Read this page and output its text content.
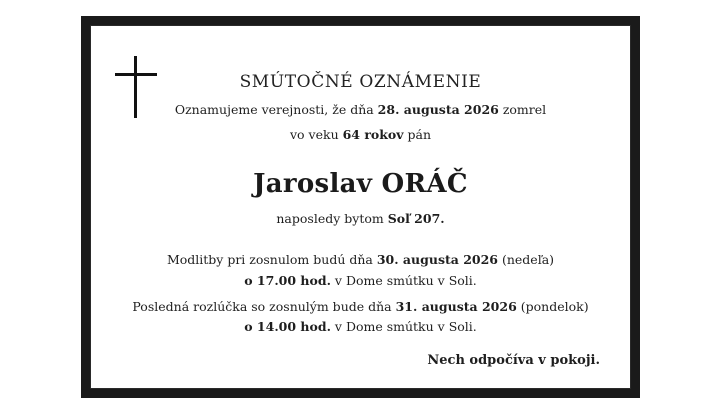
SMÚTOČNÉ OZNÁMENIE
Oznamujeme verejnosti, že dňa 28. augusta 2026 zomrel
vo veku 64 rokov pán
Jaroslav ORÁČ
naposledy bytom Soľ 207.
Modlitby pri zosnulom budú dňa 30. augusta 2026 (nedeľa)
o 17.00 hod. v Dome smútku v Soli.
Posledná rozlúčka so zosnulým bude dňa 31. augusta 2026 (pondelok)
o 14.00 hod. v Dome smútku v Soli.
Nech odpočíva v pokoji.
